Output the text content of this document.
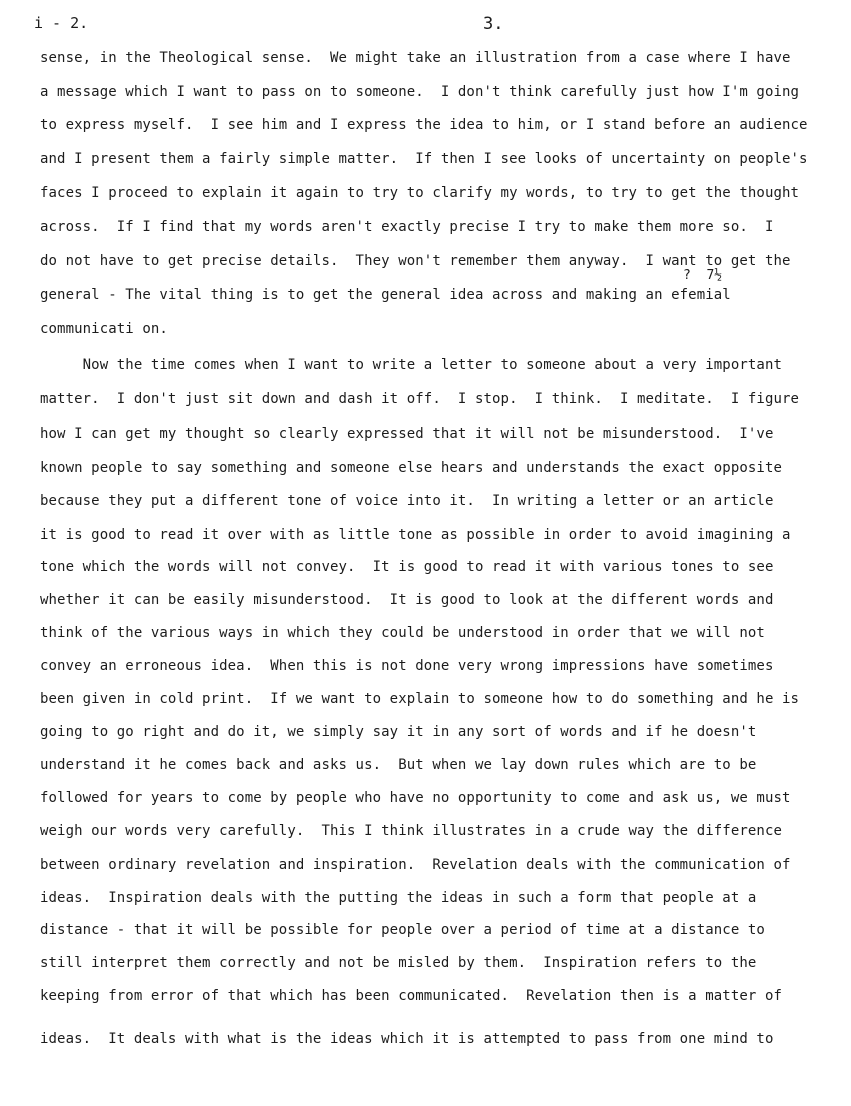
i - 2.	3.
?  7½
sense, in the Theological sense.  We might take an illustration from a case where I have
a message which I want to pass on to someone.  I don't think carefully just how I'm going
to express myself.  I see him and I express the idea to him, or I stand before an audience
and I present them a fairly simple matter.  If then I see looks of uncertainty on people's
faces I proceed to explain it again to try to clarify my words, to try to get the thought
across.  If I find that my words aren't exactly precise I try to make them more so.  I
do not have to get precise details.  They won't remember them anyway.  I want to get the
general - The vital thing is to get the general idea across and making an efemial
communicati on.
Now the time comes when I want to write a letter to someone about a very important
matter.  I don't just sit down and dash it off.  I stop.  I think.  I meditate.  I figure
how I can get my thought so clearly expressed that it will not be misunderstood.  I've
known people to say something and someone else hears and understands the exact opposite
because they put a different tone of voice into it.  In writing a letter or an article
it is good to read it over with as little tone as possible in order to avoid imagining a
tone which the words will not convey.  It is good to read it with various tones to see
whether it can be easily misunderstood.  It is good to look at the different words and
think of the various ways in which they could be understood in order that we will not
convey an erroneous idea.  When this is not done very wrong impressions have sometimes
been given in cold print.  If we want to explain to someone how to do something and he is
going to go right and do it, we simply say it in any sort of words and if he doesn't
understand it he comes back and asks us.  But when we lay down rules which are to be
followed for years to come by people who have no opportunity to come and ask us, we must
weigh our words very carefully.  This I think illustrates in a crude way the difference
between ordinary revelation and inspiration.  Revelation deals with the communication of
ideas.  Inspiration deals with the putting the ideas in such a form that people at a
distance - that it will be possible for people over a period of time at a distance to
still interpret them correctly and not be misled by them.  Inspiration refers to the
keeping from error of that which has been communicated.  Revelation then is a matter of
ideas.  It deals with what is the ideas which it is attempted to pass from one mind to
